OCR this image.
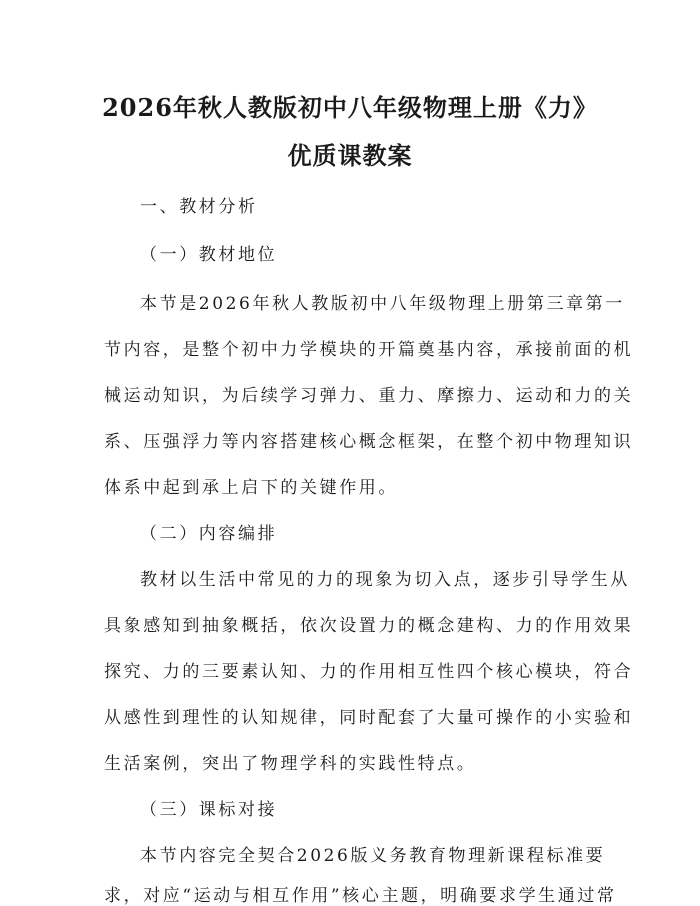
2026年秋人教版初中八年级物理上册《力》
优质课教案
一、教材分析
（一）教材地位
本节是2026年秋人教版初中八年级物理上册第三章第一
节内容，是整个初中力学模块的开篇奠基内容，承接前面的机
械运动知识，为后续学习弹力、重力、摩擦力、运动和力的关
系、压强浮力等内容搭建核心概念框架，在整个初中物理知识
体系中起到承上启下的关键作用。
（二）内容编排
教材以生活中常见的力的现象为切入点，逐步引导学生从
具象感知到抽象概括，依次设置力的概念建构、力的作用效果
探究、力的三要素认知、力的作用相互性四个核心模块，符合
从感性到理性的认知规律，同时配套了大量可操作的小实验和
生活案例，突出了物理学科的实践性特点。
（三）课标对接
本节内容完全契合2026版义务教育物理新课程标准要
求，对应“运动与相互作用”核心主题，明确要求学生通过常
